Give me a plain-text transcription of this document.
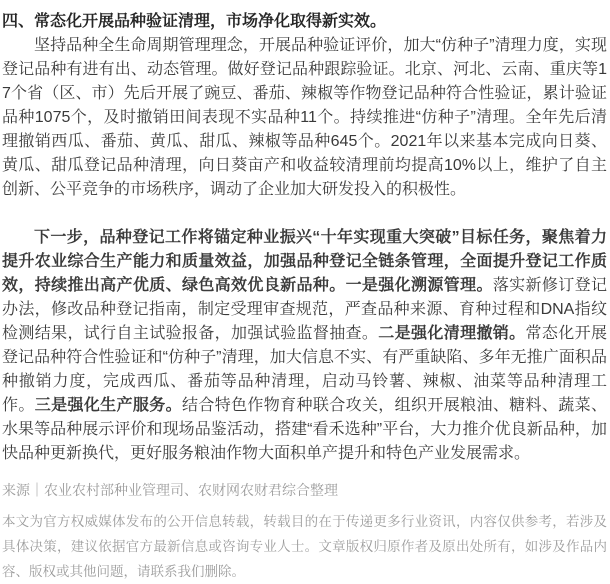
四、常态化开展品种验证清理，市场净化取得新实效。

坚持品种全生命周期管理理念，开展品种验证评价，加大“仿种子”清理力度，实现登记品种有进有出、动态管理。做好登记品种跟踪验证。北京、河北、云南、重庆等17个省（区、市）先后开展了豌豆、番茄、辣椒等作物登记品种符合性验证，累计验证品种1075个，及时撤销田间表现不实品种11个。持续推进“仿种子”清理。全年先后清理撤销西瓜、番茄、黄瓜、甜瓜、辣椒等品种645个。2021年以来基本完成向日葵、黄瓜、甜瓜登记品种清理，向日葵亩产和收益较清理前均提高10%以上，维护了自主创新、公平竞争的市场秩序，调动了企业加大研发投入的积极性。

下一步，品种登记工作将锚定种业振兴“十年实现重大突破”目标任务，聚焦着力提升农业综合生产能力和质量效益，加强品种登记全链条管理，全面提升登记工作质效，持续推出高产优质、绿色高效优良新品种。一是强化溯源管理。落实新修订登记办法，修改品种登记指南，制定受理审查规范，严查品种来源、育种过程和DNA指纹检测结果，试行自主试验报备，加强试验监督抽查。二是强化清理撤销。常态化开展登记品种符合性验证和“仿种子”清理，加大信息不实、有严重缺陷、多年无推广面积品种撤销力度，完成西瓜、番茄等品种清理，启动马铃薯、辣椒、油菜等品种清理工作。三是强化生产服务。结合特色作物育种联合攻关，组织开展粮油、糖料、蔬菜、水果等品种展示评价和现场品鉴活动，搭建“看禾选种”平台，大力推介优良新品种，加快品种更新换代，更好服务粮油作物大面积单产提升和特色产业发展需求。

来源｜农业农村部种业管理司、农财网农财君综合整理
本文为官方权威媒体发布的公开信息转载，转载目的在于传递更多行业资讯，内容仅供参考，若涉及具体决策，建议依据官方最新信息或咨询专业人士。文章版权归原作者及原出处所有，如涉及作品内容、版权或其他问题，请联系我们删除。
